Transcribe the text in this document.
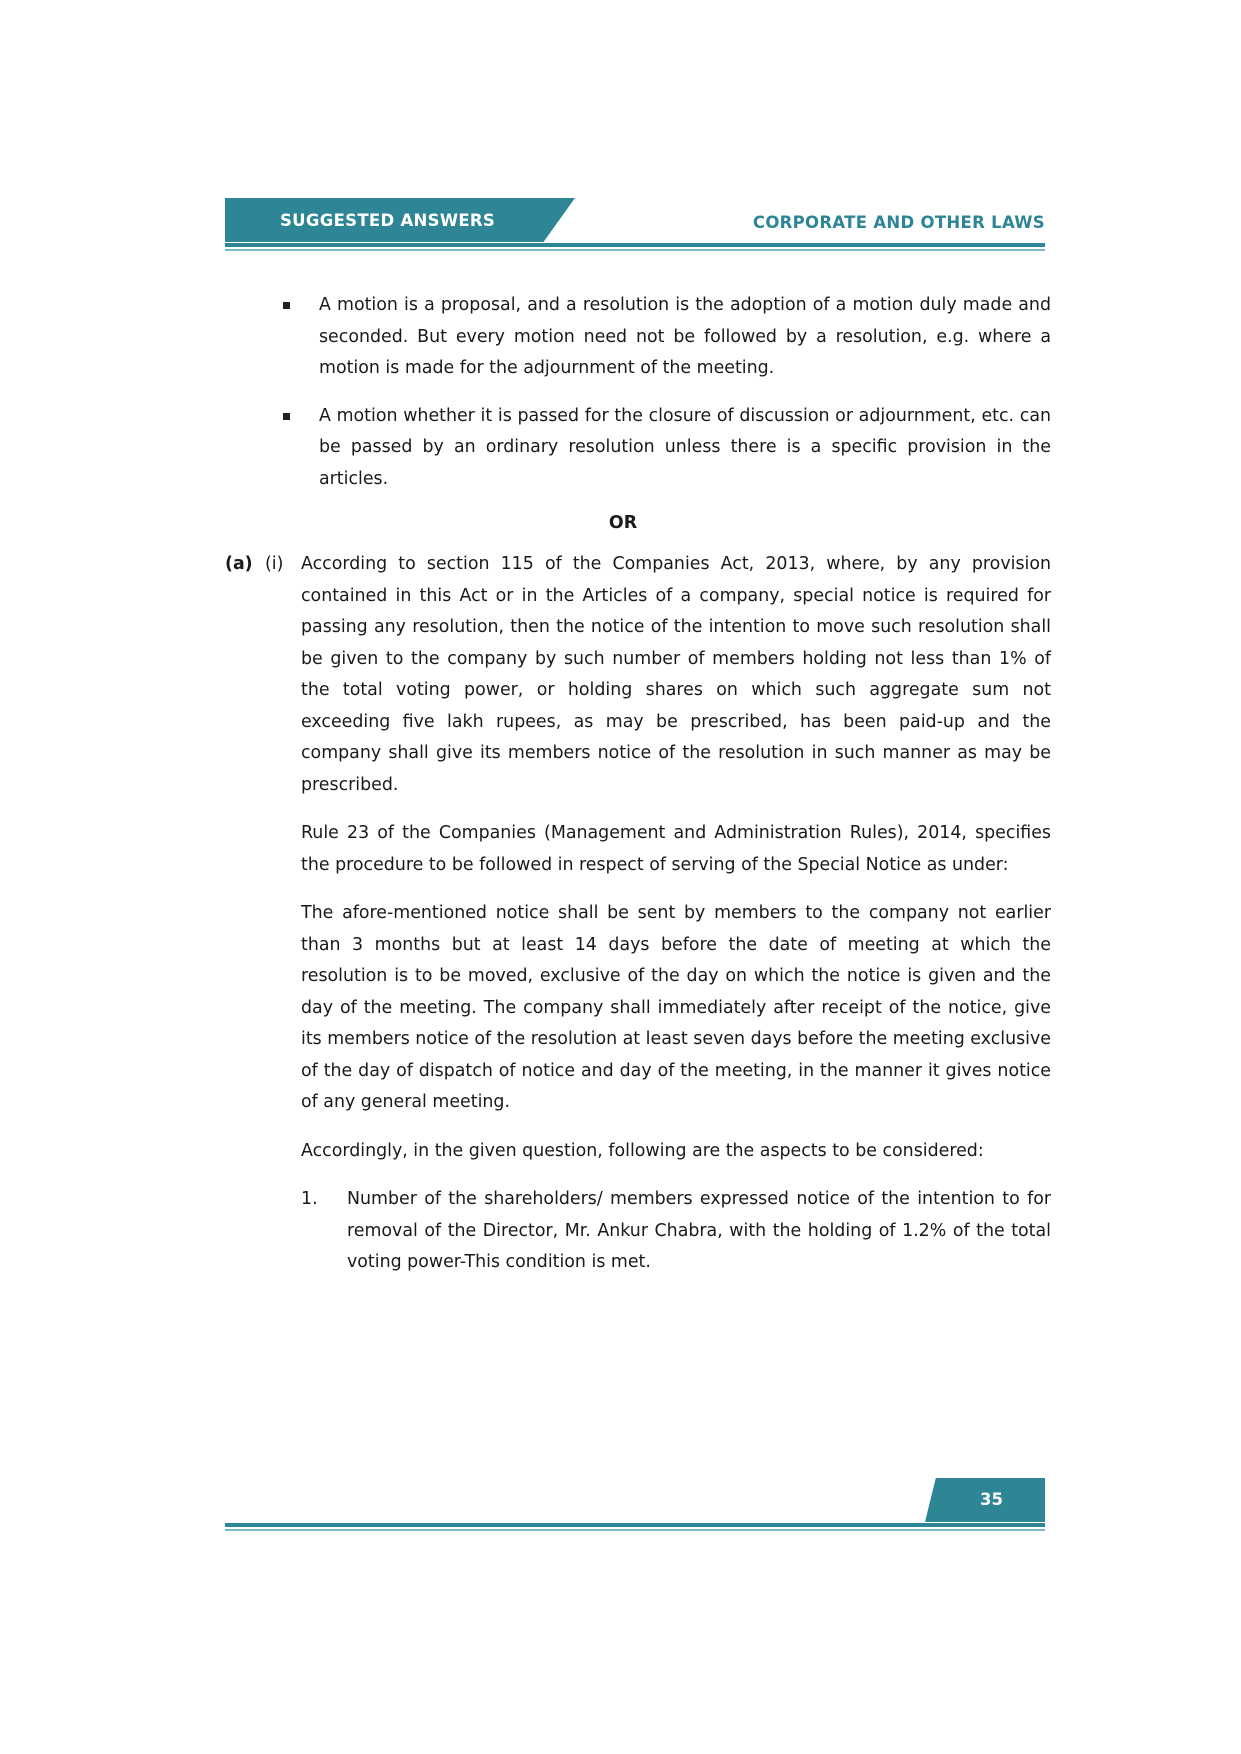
SUGGESTED ANSWERS	CORPORATE AND OTHER LAWS
A motion is a proposal, and a resolution is the adoption of a motion duly made and seconded. But every motion need not be followed by a resolution, e.g. where a motion is made for the adjournment of the meeting.
A motion whether it is passed for the closure of discussion or adjournment, etc. can be passed by an ordinary resolution unless there is a specific provision in the articles.
OR
(a) (i)	According to section 115 of the Companies Act, 2013, where, by any provision contained in this Act or in the Articles of a company, special notice is required for passing any resolution, then the notice of the intention to move such resolution shall be given to the company by such number of members holding not less than 1% of the total voting power, or holding shares on which such aggregate sum not exceeding five lakh rupees, as may be prescribed, has been paid-up and the company shall give its members notice of the resolution in such manner as may be prescribed.

Rule 23 of the Companies (Management and Administration Rules), 2014, specifies the procedure to be followed in respect of serving of the Special Notice as under:

The afore-mentioned notice shall be sent by members to the company not earlier than 3 months but at least 14 days before the date of meeting at which the resolution is to be moved, exclusive of the day on which the notice is given and the day of the meeting. The company shall immediately after receipt of the notice, give its members notice of the resolution at least seven days before the meeting exclusive of the day of dispatch of notice and day of the meeting, in the manner it gives notice of any general meeting.

Accordingly, in the given question, following are the aspects to be considered:

1.	Number of the shareholders/ members expressed notice of the intention to for removal of the Director, Mr. Ankur Chabra, with the holding of 1.2% of the total voting power-This condition is met.
35
